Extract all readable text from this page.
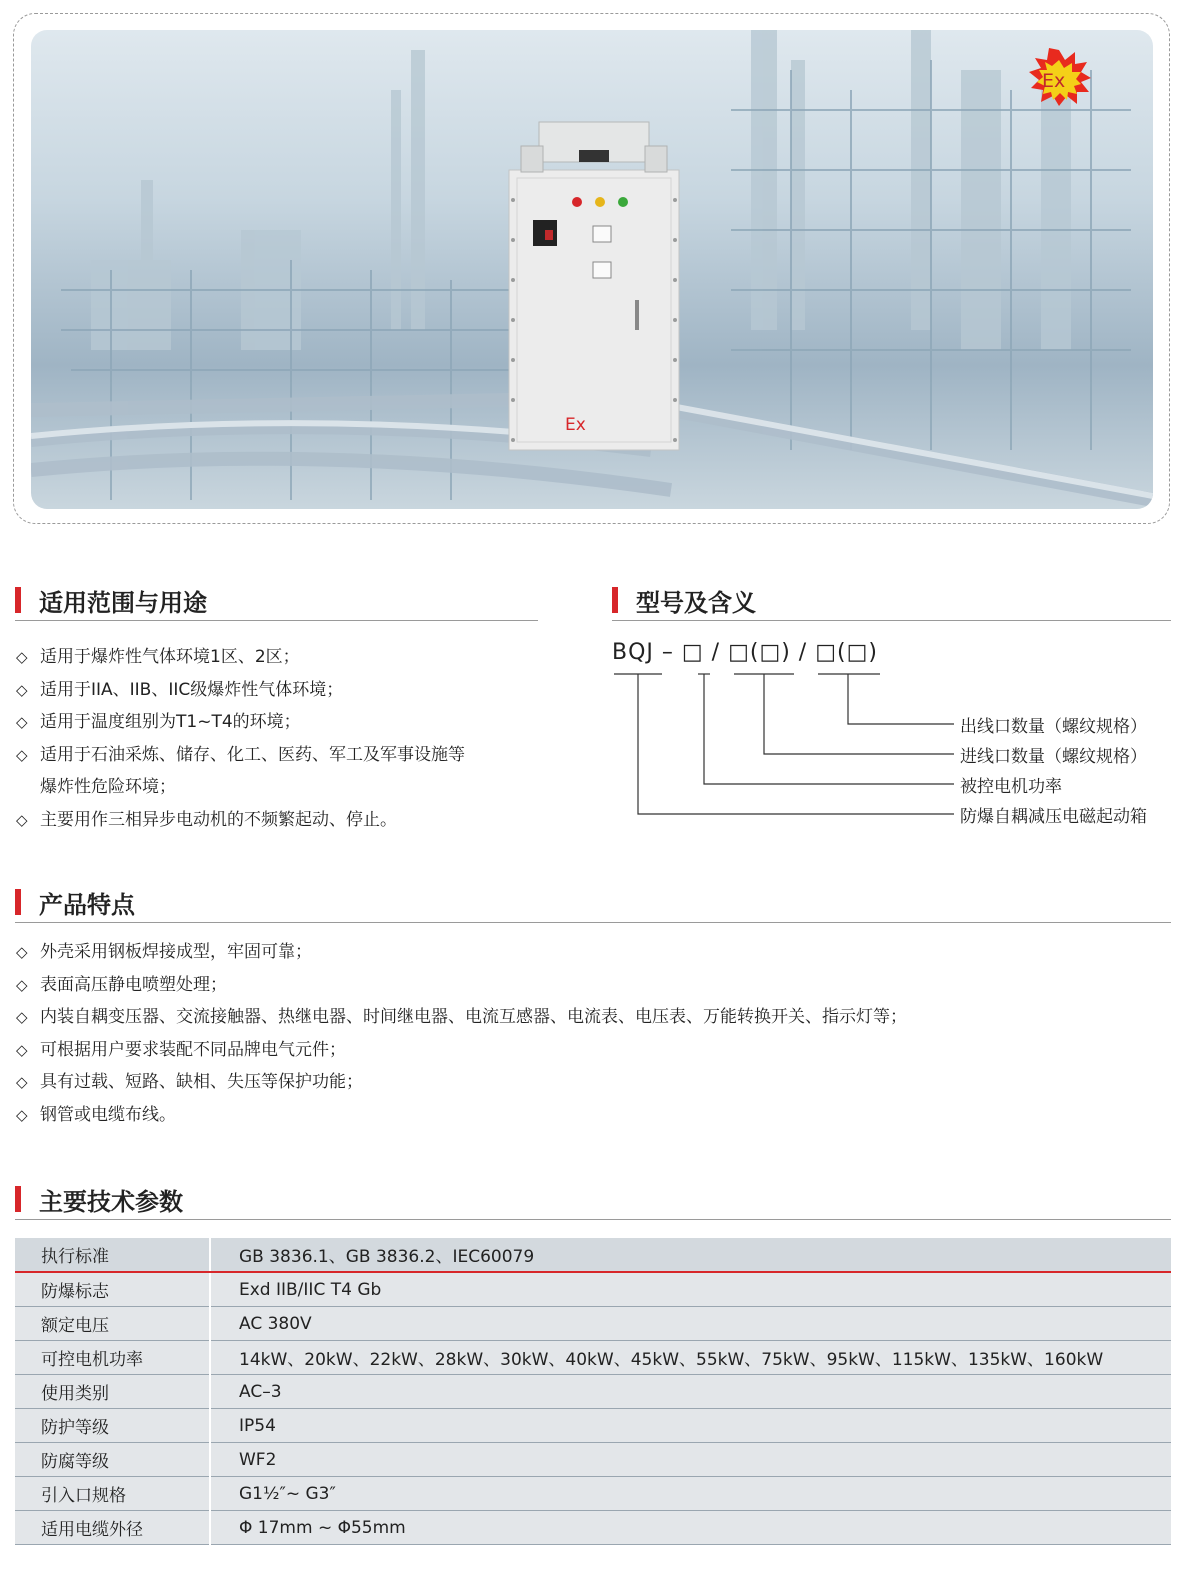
Ex
Ex
适用范围与用途
◇ 适用于爆炸性气体环境1区、2区；
◇ 适用于IIA、IIB、IIC级爆炸性气体环境；
◇ 适用于温度组别为T1~T4的环境；
◇ 适用于石油采炼、储存、化工、医药、军工及军事设施等
爆炸性危险环境；
◇ 主要用作三相异步电动机的不频繁起动、停止。
型号及含义
BQJ – □ / □(□) / □(□)
出线口数量（螺纹规格）
进线口数量（螺纹规格）
被控电机功率
防爆自耦减压电磁起动箱
产品特点
◇ 外壳采用钢板焊接成型，牢固可靠；
◇ 表面高压静电喷塑处理；
◇ 内装自耦变压器、交流接触器、热继电器、时间继电器、电流互感器、电流表、电压表、万能转换开关、指示灯等；
◇ 可根据用户要求装配不同品牌电气元件；
◇ 具有过载、短路、缺相、失压等保护功能；
◇ 钢管或电缆布线。
主要技术参数
执行标准	GB 3836.1、GB 3836.2、IEC60079
防爆标志	Exd IIB/IIC T4 Gb
额定电压	AC 380V
可控电机功率	14kW、20kW、22kW、28kW、30kW、40kW、45kW、55kW、75kW、95kW、115kW、135kW、160kW
使用类别	AC–3
防护等级	IP54
防腐等级	WF2
引入口规格	G1½″~ G3″
适用电缆外径	Φ 17mm ~ Φ55mm
